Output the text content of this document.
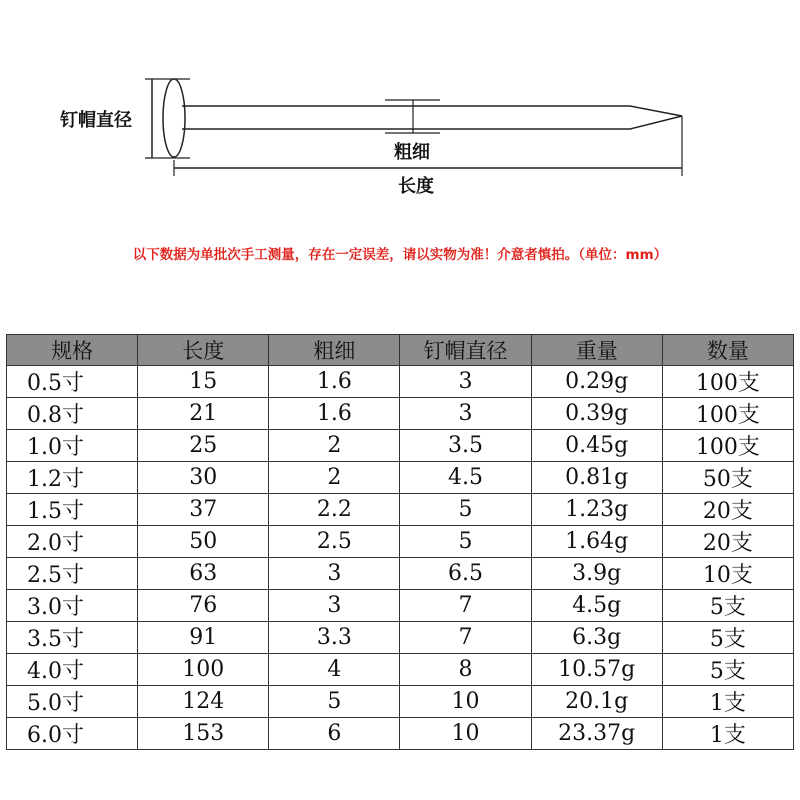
钉帽直径
粗细
长度
以下数据为单批次手工测量，存在一定误差，请以实物为准！介意者慎拍。（单位：mm）
规格	长度	粗细	钉帽直径	重量	数量
0.5寸	15	1.6	3	0.29g	100支
0.8寸	21	1.6	3	0.39g	100支
1.0寸	25	2	3.5	0.45g	100支
1.2寸	30	2	4.5	0.81g	50支
1.5寸	37	2.2	5	1.23g	20支
2.0寸	50	2.5	5	1.64g	20支
2.5寸	63	3	6.5	3.9g	10支
3.0寸	76	3	7	4.5g	5支
3.5寸	91	3.3	7	6.3g	5支
4.0寸	100	4	8	10.57g	5支
5.0寸	124	5	10	20.1g	1支
6.0寸	153	6	10	23.37g	1支
